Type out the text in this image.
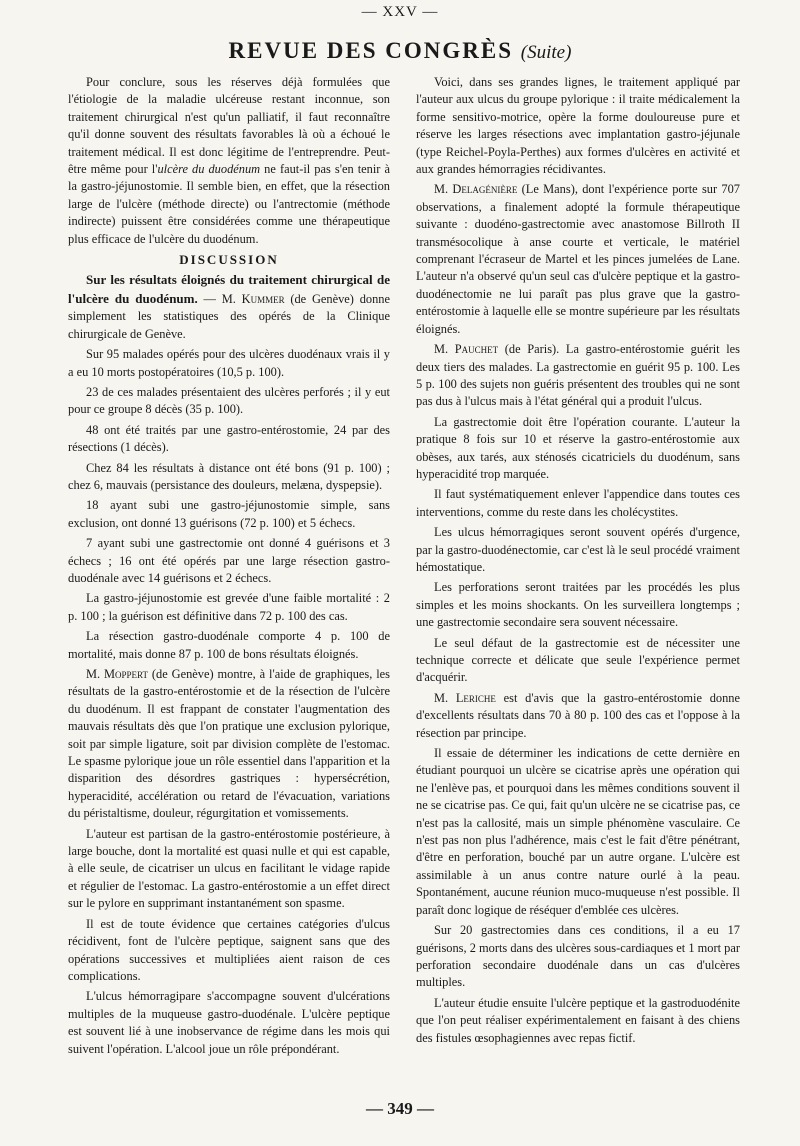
— XXV —
REVUE DES CONGRÈS (Suite)

Pour conclure, sous les réserves déjà formulées que l'étiologie de la maladie ulcéreuse restant inconnue, son traitement chirurgical n'est qu'un palliatif, il faut reconnaître qu'il donne souvent des résultats favorables là où a échoué le traitement médical. Il est donc légitime de l'entreprendre. Peut-être même pour l'ulcère du duodénum ne faut-il pas s'en tenir à la gastro-jéjunostomie. Il semble bien, en effet, que la résection large de l'ulcère (méthode directe) ou l'antrectomie (méthode indirecte) puissent être considérées comme une thérapeutique plus efficace de l'ulcère du duodénum.

DISCUSSION

Sur les résultats éloignés du traitement chirurgical de l'ulcère du duodénum. — M. Kummer (de Genève) donne simplement les statistiques des opérés de la Clinique chirurgicale de Genève.

Sur 95 malades opérés pour des ulcères duodénaux vrais il y a eu 10 morts postopératoires (10,5 p. 100).

23 de ces malades présentaient des ulcères perforés ; il y eut pour ce groupe 8 décès (35 p. 100).

48 ont été traités par une gastro-entérostomie, 24 par des résections (1 décès).

Chez 84 les résultats à distance ont été bons (91 p. 100) ; chez 6, mauvais (persistance des douleurs, melæna, dyspepsie).

18 ayant subi une gastro-jéjunostomie simple, sans exclusion, ont donné 13 guérisons (72 p. 100) et 5 échecs.

7 ayant subi une gastrectomie ont donné 4 guérisons et 3 échecs ; 16 ont été opérés par une large résection gastro-duodénale avec 14 guérisons et 2 échecs.

La gastro-jéjunostomie est grevée d'une faible mortalité : 2 p. 100 ; la guérison est définitive dans 72 p. 100 des cas.

La résection gastro-duodénale comporte 4 p. 100 de mortalité, mais donne 87 p. 100 de bons résultats éloignés.

M. Moppert (de Genève) montre, à l'aide de graphiques, les résultats de la gastro-entérostomie et de la résection de l'ulcère du duodénum. Il est frappant de constater l'augmentation des mauvais résultats dès que l'on pratique une exclusion pylorique, soit par simple ligature, soit par division complète de l'estomac. Le spasme pylorique joue un rôle essentiel dans l'apparition et la disparition des désordres gastriques : hypersécrétion, hyperacidité, accélération ou retard de l'évacuation, variations du péristaltisme, douleur, régurgitation et vomissements.

L'auteur est partisan de la gastro-entérostomie postérieure, à large bouche, dont la mortalité est quasi nulle et qui est capable, à elle seule, de cicatriser un ulcus en facilitant le vidage rapide et régulier de l'estomac. La gastro-entérostomie a un effet direct sur le pylore en supprimant instantanément son spasme.

Il est de toute évidence que certaines catégories d'ulcus récidivent, font de l'ulcère peptique, saignent sans que des opérations successives et multipliées aient raison de ces complications.

L'ulcus hémorragipare s'accompagne souvent d'ulcérations multiples de la muqueuse gastro-duodénale. L'ulcère peptique est souvent lié à une inobservance de régime dans les mois qui suivent l'opération. L'alcool joue un rôle prépondérant.

Voici, dans ses grandes lignes, le traitement appliqué par l'auteur aux ulcus du groupe pylorique : il traite médicalement la forme sensitivo-motrice, opère la forme douloureuse pure et réserve les larges résections avec implantation gastro-jéjunale (type Reichel-Poyla-Perthes) aux formes d'ulcères en activité et aux grandes hémorragies récidivantes.

M. Delagénière (Le Mans), dont l'expérience porte sur 707 observations, a finalement adopté la formule thérapeutique suivante : duodéno-gastrectomie avec anastomose Billroth II transmésocolique à anse courte et verticale, le matériel comprenant l'écraseur de Martel et les pinces jumelées de Lane. L'auteur n'a observé qu'un seul cas d'ulcère peptique et la gastro-duodénectomie ne lui paraît pas plus grave que la gastro-entérostomie à laquelle elle se montre supérieure par les résultats éloignés.

M. Pauchet (de Paris). La gastro-entérostomie guérit les deux tiers des malades. La gastrectomie en guérit 95 p. 100. Les 5 p. 100 des sujets non guéris présentent des troubles qui ne sont pas dus à l'ulcus mais à l'état général qui a produit l'ulcus.

La gastrectomie doit être l'opération courante. L'auteur la pratique 8 fois sur 10 et réserve la gastro-entérostomie aux obèses, aux tarés, aux sténosés cicatriciels du duodénum, sans hyperacidité trop marquée.

Il faut systématiquement enlever l'appendice dans toutes ces interventions, comme du reste dans les cholécystites.

Les ulcus hémorragiques seront souvent opérés d'urgence, par la gastro-duodénectomie, car c'est là le seul procédé vraiment hémostatique.

Les perforations seront traitées par les procédés les plus simples et les moins shockants. On les surveillera longtemps ; une gastrectomie secondaire sera souvent nécessaire.

Le seul défaut de la gastrectomie est de nécessiter une technique correcte et délicate que seule l'expérience permet d'acquérir.

M. Leriche est d'avis que la gastro-entérostomie donne d'excellents résultats dans 70 à 80 p. 100 des cas et l'oppose à la résection par principe.

Il essaie de déterminer les indications de cette dernière en étudiant pourquoi un ulcère se cicatrise après une opération qui ne l'enlève pas, et pourquoi dans les mêmes conditions souvent il ne se cicatrise pas. Ce qui, fait qu'un ulcère ne se cicatrise pas, ce n'est pas la callosité, mais un simple phénomène vasculaire. Ce n'est pas non plus l'adhérence, mais c'est le fait d'être pénétrant, d'être en perforation, bouché par un autre organe. L'ulcère est assimilable à un anus contre nature ourlé à la peau. Spontanément, aucune réunion muco-muqueuse n'est possible. Il paraît donc logique de réséquer d'emblée ces ulcères.

Sur 20 gastrectomies dans ces conditions, il a eu 17 guérisons, 2 morts dans des ulcères sous-cardiaques et 1 mort par perforation secondaire duodénale dans un cas d'ulcères multiples.

L'auteur étudie ensuite l'ulcère peptique et la gastroduodénite que l'on peut réaliser expérimentalement en faisant à des chiens des fistules œsophagiennes avec repas fictif.

— 349 —
